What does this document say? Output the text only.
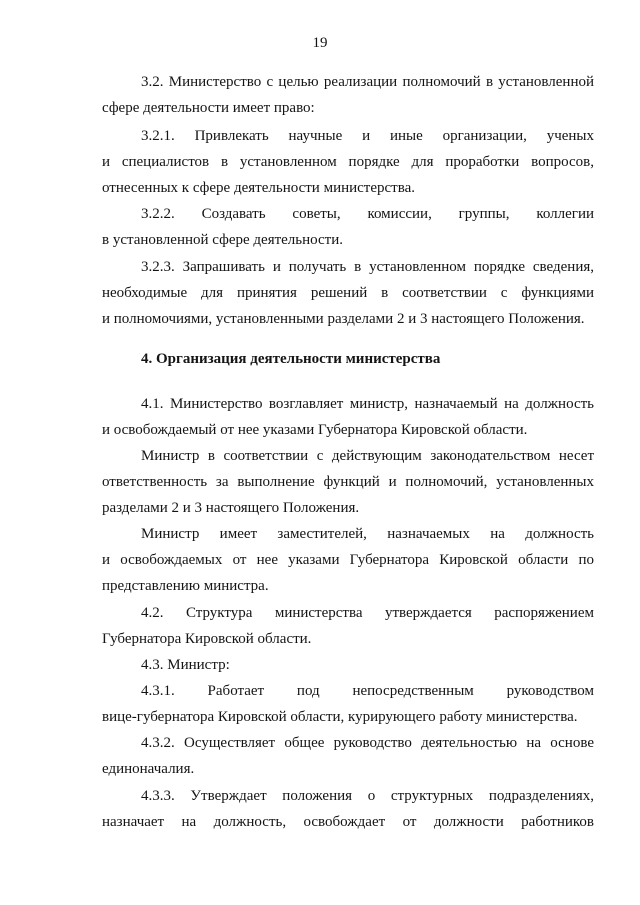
19
3.2. Министерство с целью реализации полномочий в установленной
сфере деятельности имеет право:
3.2.1. Привлекать научные и иные организации, ученых
и специалистов в установленном порядке для проработки вопросов,
отнесенных к сфере деятельности министерства.
3.2.2. Создавать советы, комиссии, группы, коллегии
в установленной сфере деятельности.
3.2.3. Запрашивать и получать в установленном порядке сведения,
необходимые для принятия решений в соответствии с функциями
и полномочиями, установленными разделами 2 и 3 настоящего Положения.
4. Организация деятельности министерства
4.1. Министерство возглавляет министр, назначаемый на должность
и освобождаемый от нее указами Губернатора Кировской области.
Министр в соответствии с действующим законодательством несет
ответственность за выполнение функций и полномочий, установленных
разделами 2 и 3 настоящего Положения.
Министр имеет заместителей, назначаемых на должность
и освобождаемых от нее указами Губернатора Кировской области по
представлению министра.
4.2. Структура министерства утверждается распоряжением
Губернатора Кировской области.
4.3. Министр:
4.3.1. Работает под непосредственным руководством
вице-губернатора Кировской области, курирующего работу министерства.
4.3.2. Осуществляет общее руководство деятельностью на основе
единоначалия.
4.3.3. Утверждает положения о структурных подразделениях,
назначает на должность, освобождает от должности работников
